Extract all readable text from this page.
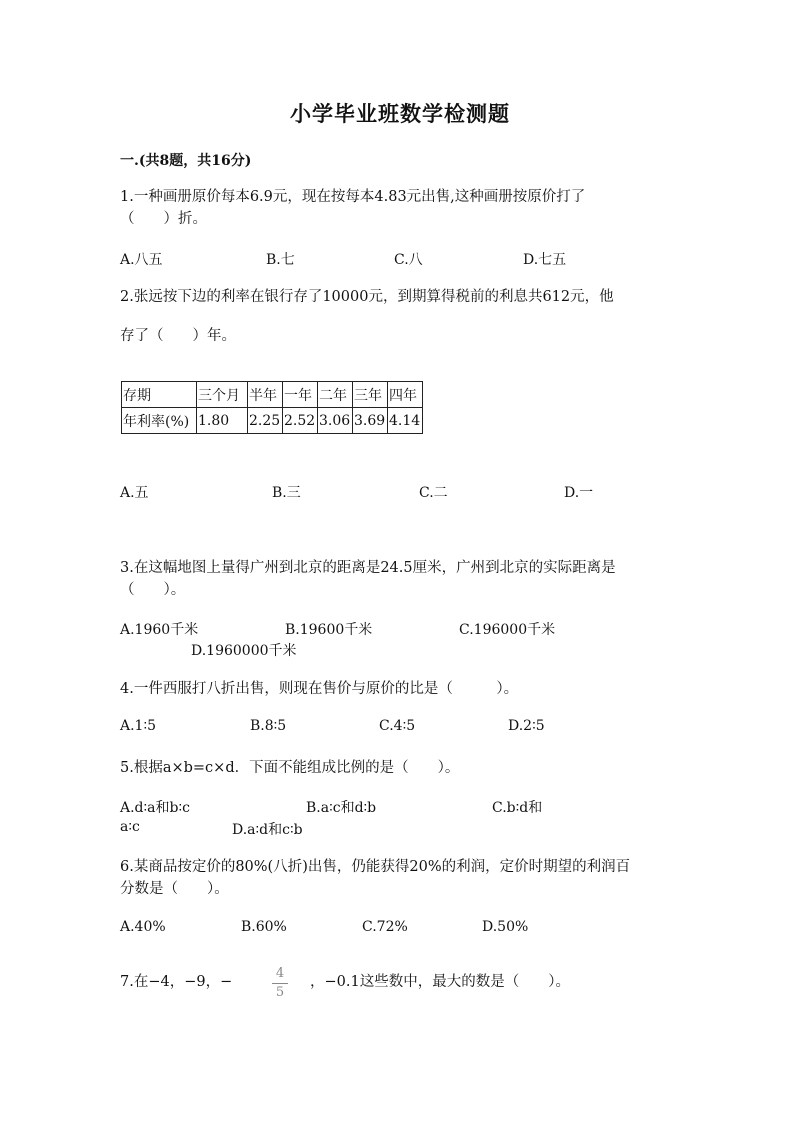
小学毕业班数学检测题
一.(共8题，共16分)
1.一种画册原价每本6.9元，现在按每本4.83元出售,这种画册按原价打了
（　　）折。
A.八五	B.七	C.八	D.七五
2.张远按下边的利率在银行存了10000元，到期算得税前的利息共612元，他
存了（　　）年。
存期	三个月	半年	一年	二年	三年	四年
年利率(%)	1.80	2.25	2.52	3.06	3.69	4.14
A.五	B.三	C.二	D.一
3.在这幅地图上量得广州到北京的距离是24.5厘米，广州到北京的实际距离是
（　　）。
A.1960千米	B.19600千米	C.196000千米
D.1960000千米
4.一件西服打八折出售，则现在售价与原价的比是（　　　）。
A.1∶5	B.8∶5	C.4∶5	D.2∶5
5.根据a×b=c×d．下面不能组成比例的是（　　）。
A.d∶a和b∶c	B.a∶c和d∶b	C.b∶d和
a∶c	D.a∶d和c∶b
6.某商品按定价的80%(八折)出售，仍能获得20%的利润，定价时期望的利润百
分数是（　　）。
A.40%	B.60%	C.72%	D.50%
7.在−4，−9，−
4
5
，−0.1这些数中，最大的数是（　　）。
